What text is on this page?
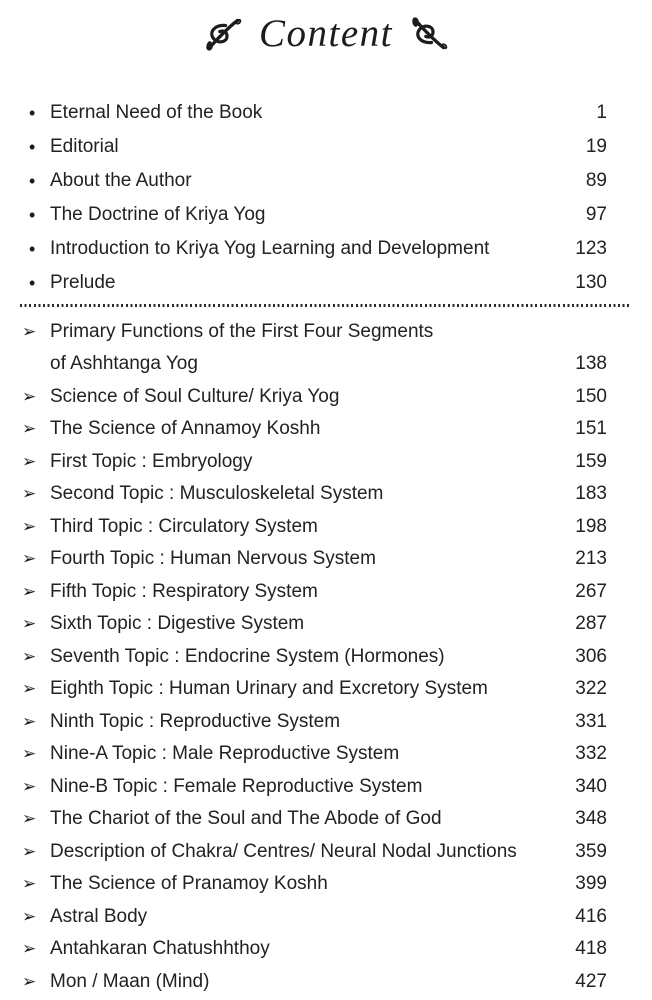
Content
• Eternal Need of the Book	1
• Editorial	19
• About the Author	89
• The Doctrine of Kriya Yog	97
• Introduction to Kriya Yog Learning and Development	123
• Prelude	130
➢ Primary Functions of the First Four Segments
of Ashhtanga Yog	138
➢ Science of Soul Culture/ Kriya Yog	150
➢ The Science of Annamoy Koshh	151
➢ First Topic : Embryology	159
➢ Second Topic : Musculoskeletal System	183
➢ Third Topic : Circulatory System	198
➢ Fourth Topic : Human Nervous System	213
➢ Fifth Topic : Respiratory System	267
➢ Sixth Topic : Digestive System	287
➢ Seventh Topic : Endocrine System (Hormones)	306
➢ Eighth Topic : Human Urinary and Excretory System	322
➢ Ninth Topic : Reproductive System	331
➢ Nine-A Topic : Male Reproductive System	332
➢ Nine-B Topic : Female Reproductive System	340
➢ The Chariot of the Soul and The Abode of God	348
➢ Description of Chakra/ Centres/ Neural Nodal Junctions	359
➢ The Science of Pranamoy Koshh	399
➢ Astral Body	416
➢ Antahkaran Chatushhthoy	418
➢ Mon / Maan (Mind)	427
